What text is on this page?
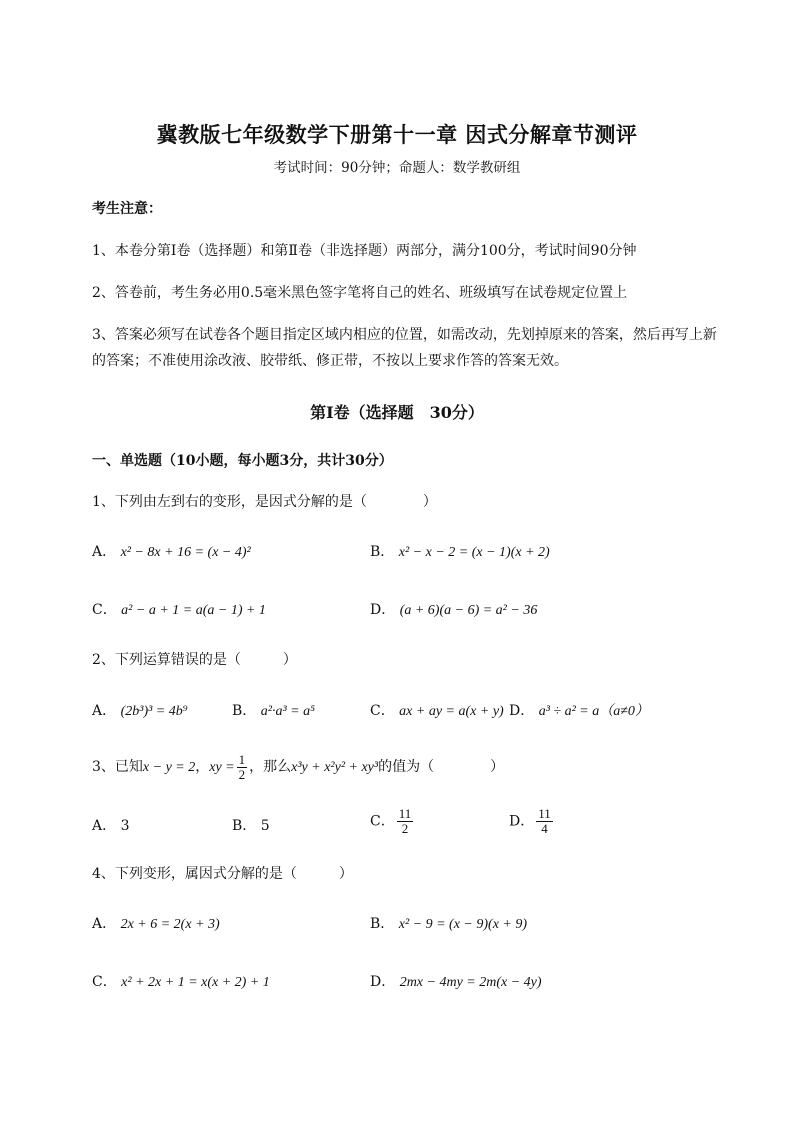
冀教版七年级数学下册第十一章 因式分解章节测评
考试时间：90分钟；命题人：数学教研组
考生注意：
1、本卷分第I卷（选择题）和第Ⅱ卷（非选择题）两部分，满分100分，考试时间90分钟
2、答卷前，考生务必用0.5毫米黑色签字笔将自己的姓名、班级填写在试卷规定位置上
3、答案必须写在试卷各个题目指定区域内相应的位置，如需改动，先划掉原来的答案，然后再写上新
的答案；不准使用涂改液、胶带纸、修正带，不按以上要求作答的答案无效。
第I卷（选择题　30分）
一、单选题（10小题，每小题3分，共计30分）
1、下列由左到右的变形，是因式分解的是（　　　　）
A． x² − 8x + 16 = (x − 4)²	B． x² − x − 2 = (x − 1)(x + 2)
C． a² − a + 1 = a(a − 1) + 1	D． (a + 6)(a − 6) = a² − 36
2、下列运算错误的是（　　　）
A． (2b³)³ = 4b⁹	B． a²·a³ = a⁵	C． ax + ay = a(x + y) D． a³ ÷ a² = a（a≠0）
3、已知x − y = 2，xy = $\frac{1}{2}$ ，那么x³y + x²y² + xy³的值为（　　　　）
A． 3	B． 5	C． $\frac{11}{2}$	D． $\frac{11}{4}$
4、下列变形，属因式分解的是（　　　）
A． 2x + 6 = 2(x + 3)	B． x² − 9 = (x − 9)(x + 9)
C． x² + 2x + 1 = x(x + 2) + 1	D． 2mx − 4my = 2m(x − 4y)
